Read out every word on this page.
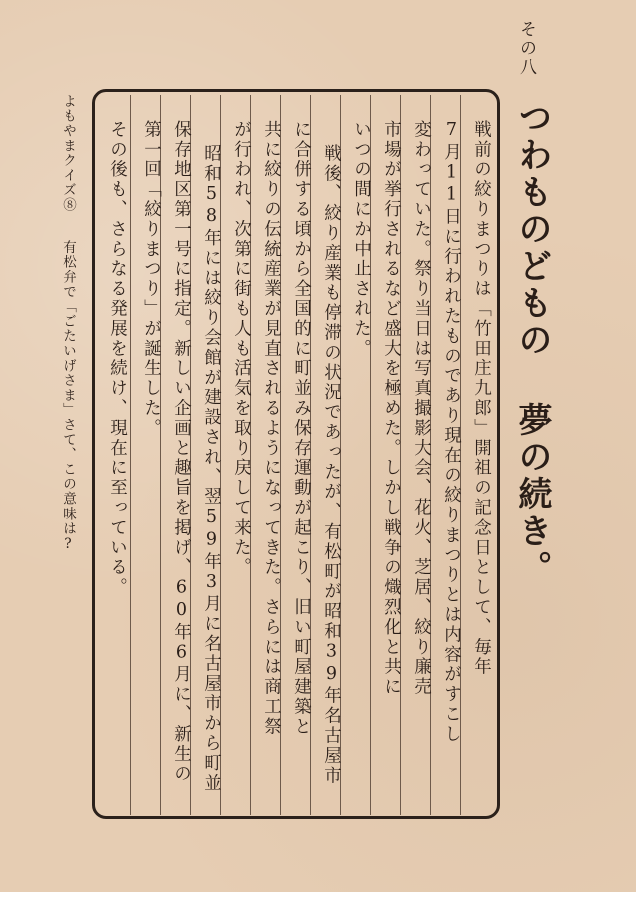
その八
つわものどもの 夢の続き。
戦前の絞りまつりは「竹田庄九郎」開祖の記念日として、毎年
7月11日に行われたものであり現在の絞りまつりとは内容がすこし
変わっていた。祭り当日は写真撮影大会、花火、芝居、絞り廉売
市場が挙行されるなど盛大を極めた。しかし戦争の熾烈化と共に
いつの間にか中止された。
戦後、絞り産業も停滞の状況であったが、有松町が昭和39年名古屋市
に合併する頃から全国的に町並み保存運動が起こり、旧い町屋建築と
共に絞りの伝統産業が見直されるようになってきた。さらには商工祭
が行われ、次第に街も人も活気を取り戻して来た。
昭和58年には絞り会館が建設され、翌59年3月に名古屋市から町並
保存地区第一号に指定。新しい企画と趣旨を掲げ、60年6月に、新生の
第一回「絞りまつり」が誕生した。
その後も、さらなる発展を続け、現在に至っている。
よもやまクイズ⑧
有松弁で「ごたいげさま」さて、この意味は?
